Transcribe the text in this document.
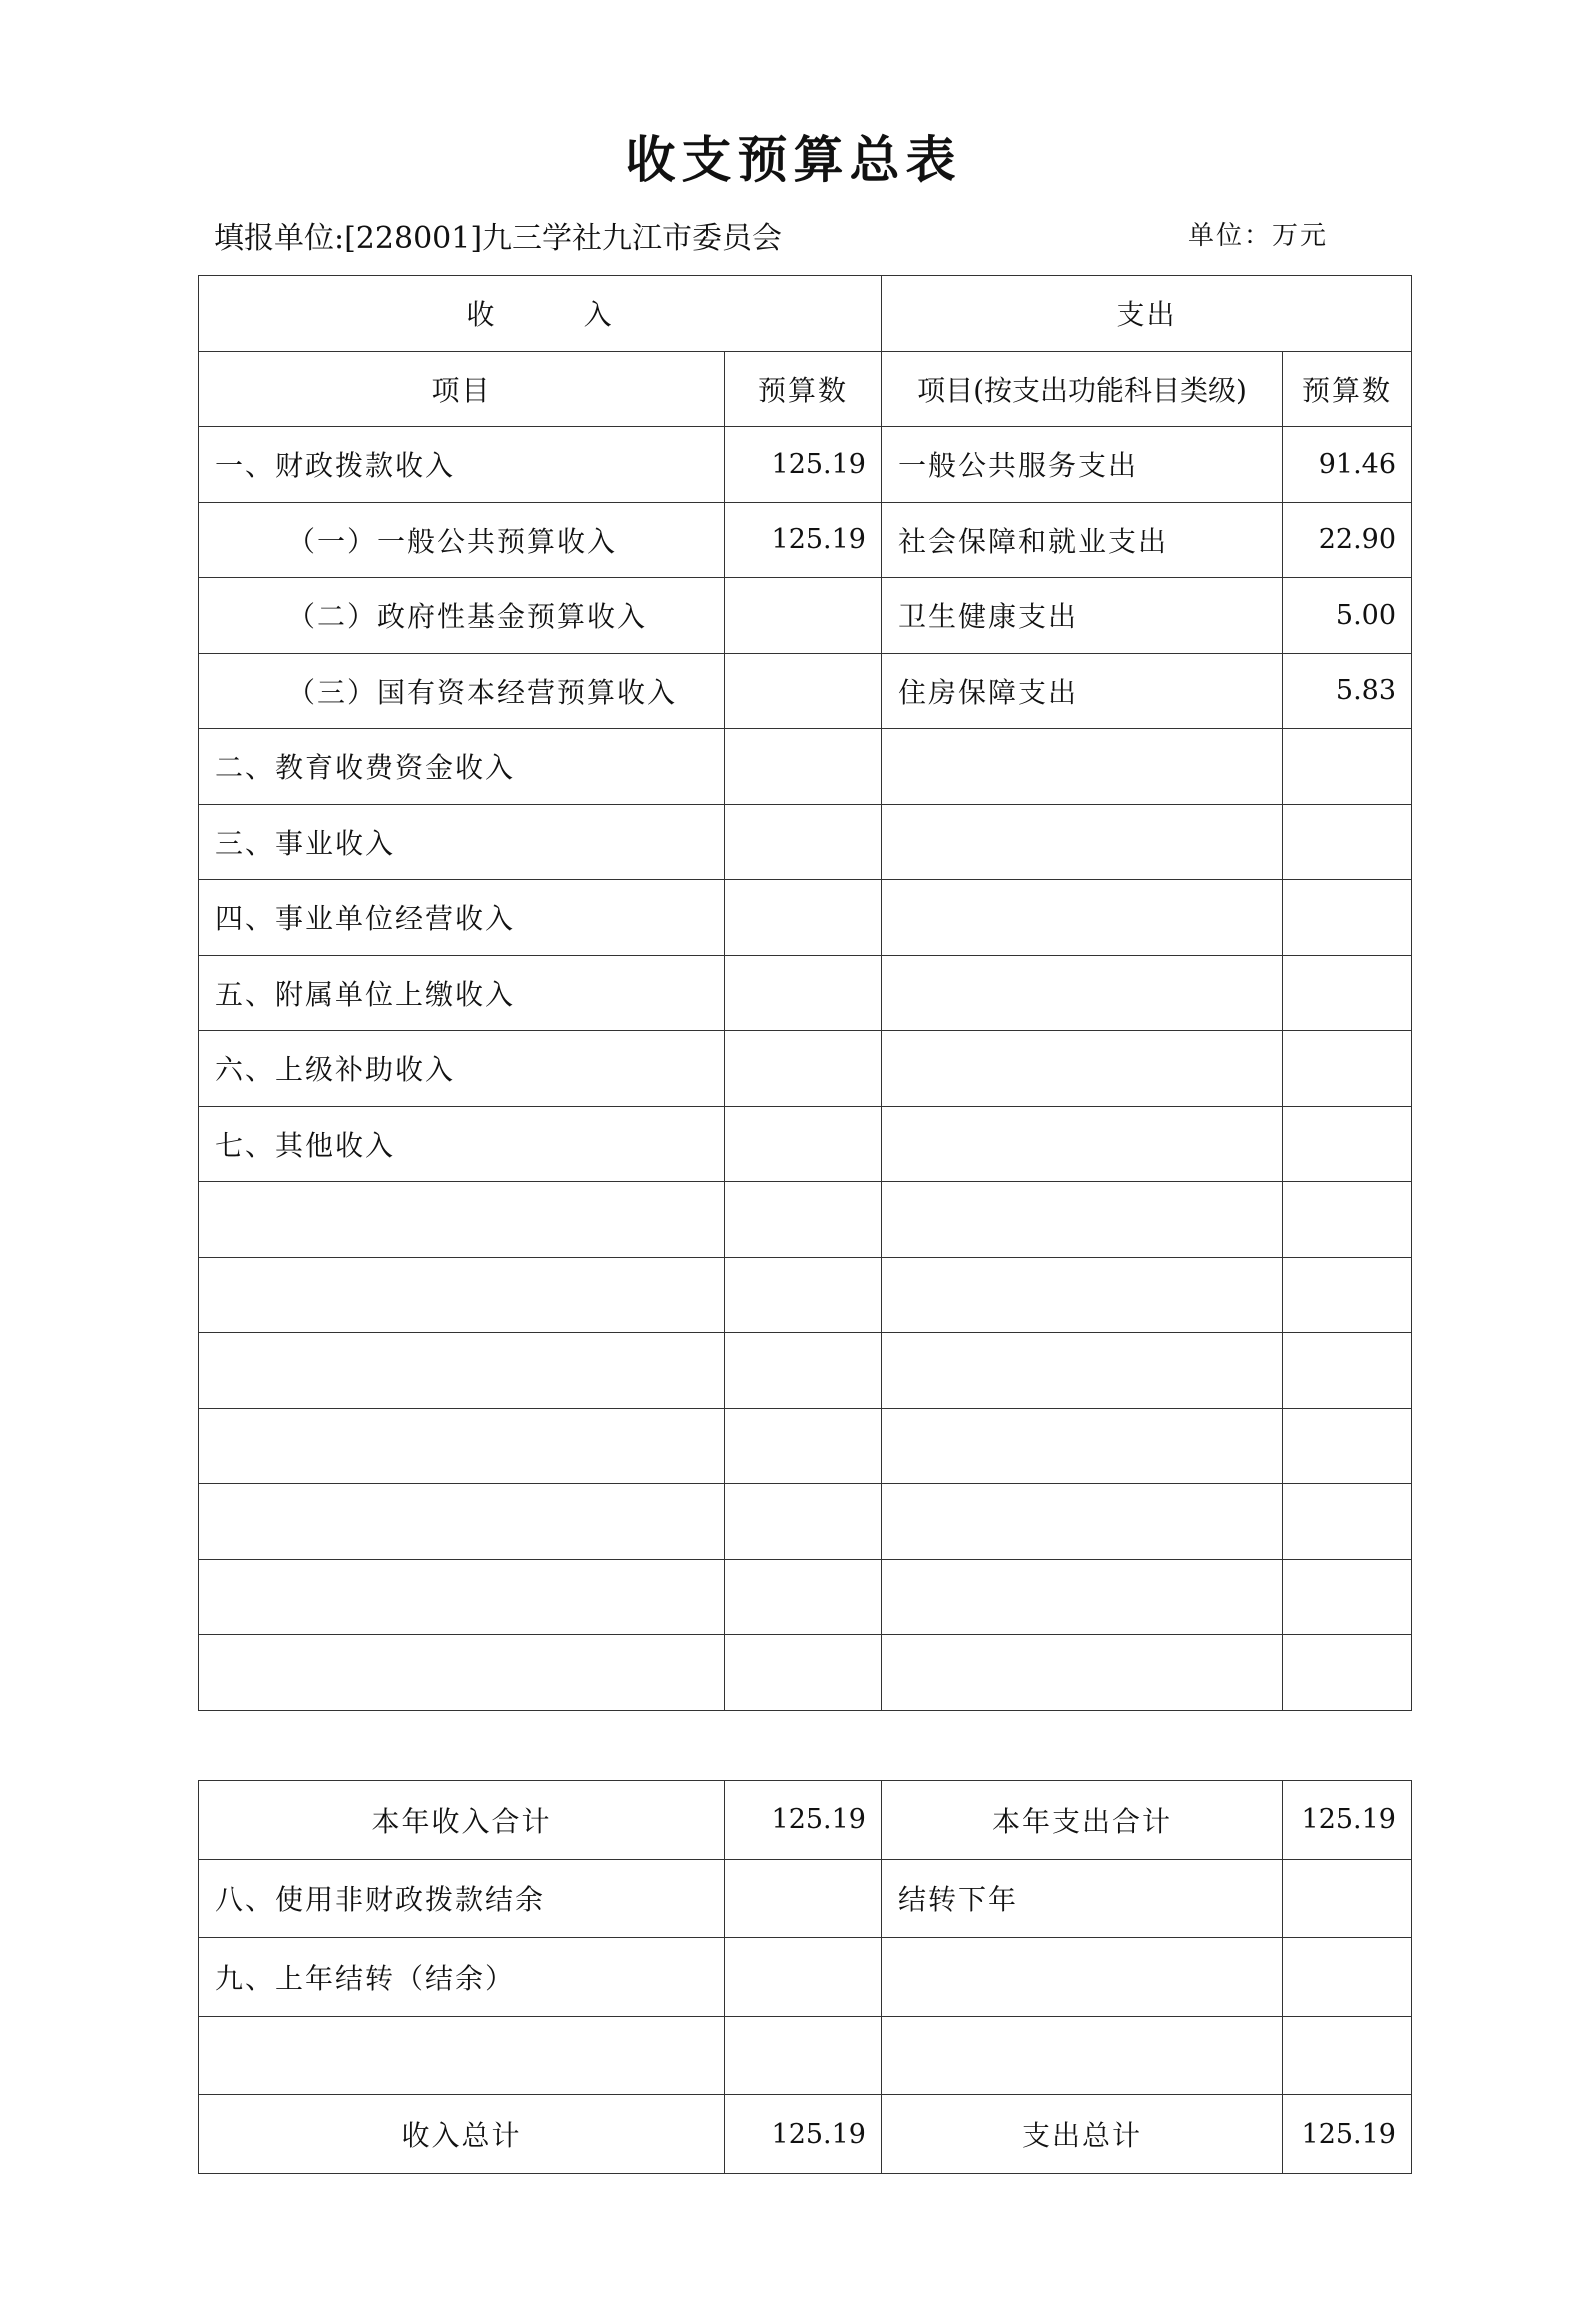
收支预算总表
填报单位:[228001]九三学社九江市委员会	单位：万元
收        入		支出	
项目	预算数	项目(按支出功能科目类级)	预算数
一、财政拨款收入	125.19	一般公共服务支出	91.46
（一）一般公共预算收入	125.19	社会保障和就业支出	22.90
（二）政府性基金预算收入		卫生健康支出	5.00
（三）国有资本经营预算收入		住房保障支出	5.83
二、教育收费资金收入			
三、事业收入			
四、事业单位经营收入			
五、附属单位上缴收入			
六、上级补助收入			
七、其他收入			

本年收入合计	125.19	本年支出合计	125.19
八、使用非财政拨款结余		结转下年	
九、上年结转（结余）			

收入总计	125.19	支出总计	125.19
